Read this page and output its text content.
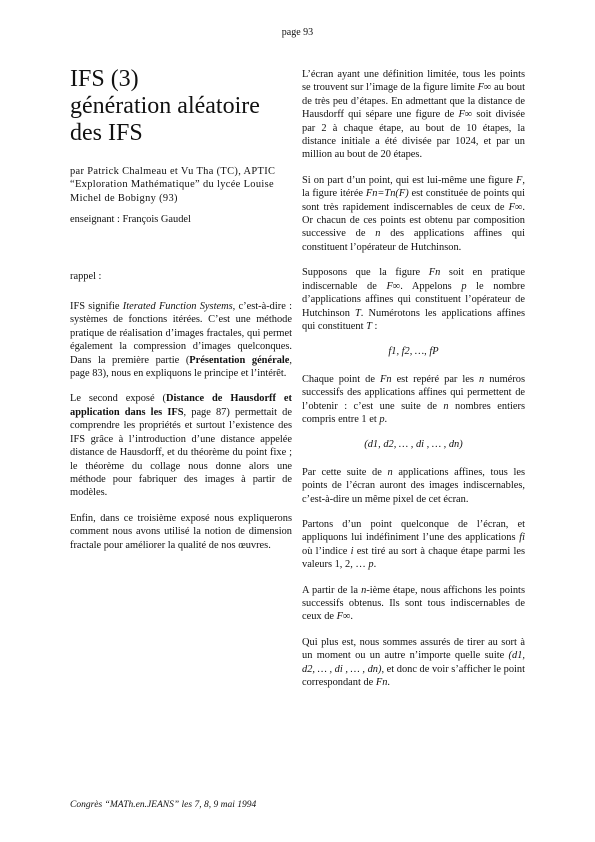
page 93
IFS (3)
génération aléatoire
des IFS

par Patrick Chalmeau et Vu Tha (TC), APTIC “Exploration Mathématique” du lycée Louise Michel de Bobigny (93)

enseignant : François Gaudel

rappel :

IFS signifie Iterated Function Systems, c’est-à-dire : systèmes de fonctions itérées. C’est une méthode pratique de réalisation d’images fractales, qui permet également la compression d’images quelconques. Dans la première partie (Présentation générale, page 83), nous en expliquons le principe et l’intérêt.

Le second exposé (Distance de Hausdorff et application dans les IFS, page 87) permettait de comprendre les propriétés et surtout l’existence des IFS grâce à l’introduction d’une distance appelée distance de Hausdorff, et du théorème du point fixe ; le théorème du collage nous donne alors une méthode pour fabriquer des images à partir de modèles.

Enfin, dans ce troisième exposé nous expliquerons comment nous avons utilisé la notion de dimension fractale pour améliorer la qualité de nos œuvres.

L’écran ayant une définition limitée, tous les points se trouvent sur l’image de la figure limite F∞ au bout de très peu d’étapes. En admettant que la distance de Hausdorff qui sépare une figure de F∞ soit divisée par 2 à chaque étape, au bout de 10 étapes, la distance initiale a été divisée par 1024, et par un million au bout de 20 étapes.

Si on part d’un point, qui est lui-même une figure F, la figure itérée Fn=Tn(F) est constituée de points qui sont très rapidement indiscernables de ceux de F∞. Or chacun de ces points est obtenu par composition successive de n des applications affines qui constituent l’opérateur de Hutchinson.

Supposons que la figure Fn soit en pratique indiscernable de F∞. Appelons p le nombre d’applications affines qui constituent l’opérateur de Hutchinson T. Numérotons les applications affines qui constituent T :

f1, f2, …, fP

Chaque point de Fn est repéré par les n numéros successifs des applications affines qui permettent de l’obtenir : c’est une suite de n nombres entiers compris entre 1 et p.

(d1, d2, … , di , … , dn)

Par cette suite de n applications affines, tous les points de l’écran auront des images indiscernables, c’est-à-dire un même pixel de cet écran.

Partons d’un point quelconque de l’écran, et appliquons lui indéfiniment l’une des applications fi où l’indice i est tiré au sort à chaque étape parmi les valeurs 1, 2, … p.

A partir de la n-ième étape, nous affichons les points successifs obtenus. Ils sont tous indiscernables de ceux de F∞.

Qui plus est, nous sommes assurés de tirer au sort à un moment ou un autre n’importe quelle suite (d1, d2, … , di , … , dn), et donc de voir s’afficher le point correspondant de Fn.

Congrès “MATh.en.JEANS” les 7, 8, 9 mai 1994
